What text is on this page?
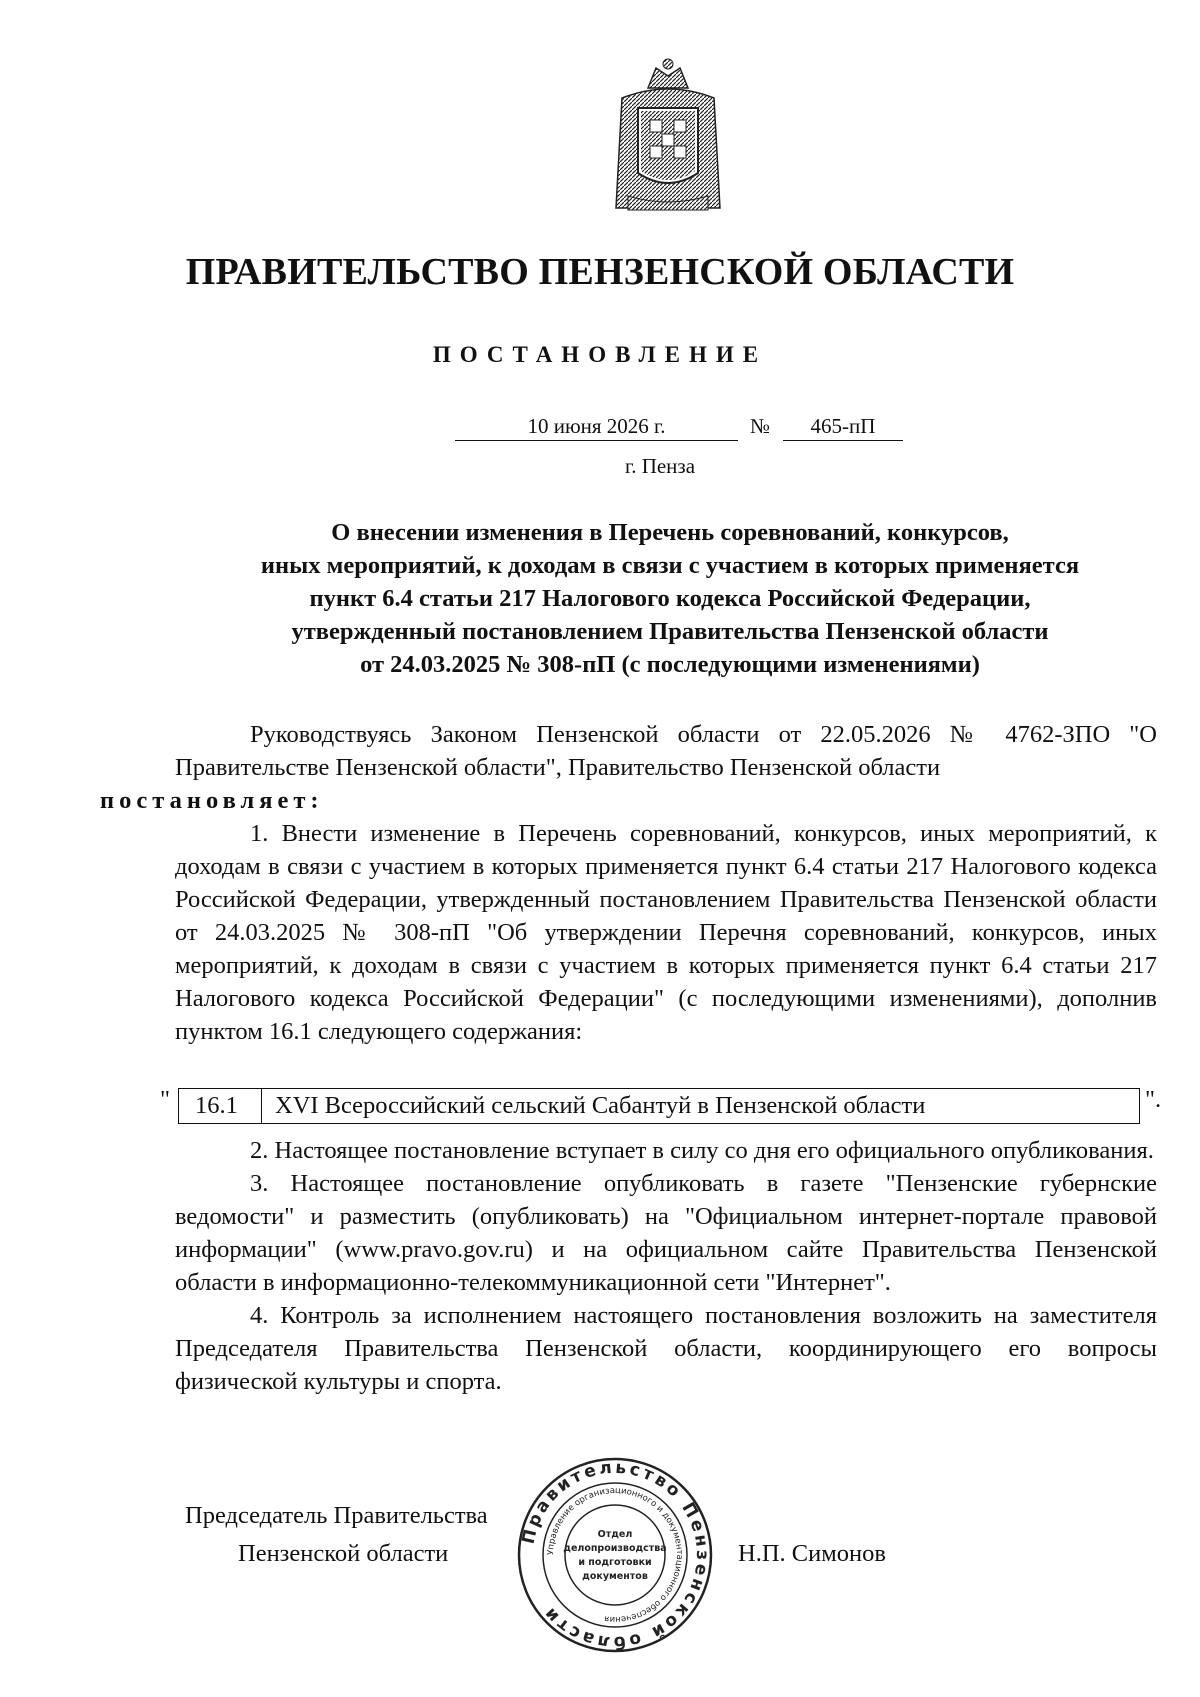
ПРАВИТЕЛЬСТВО ПЕНЗЕНСКОЙ ОБЛАСТИ
ПОСТАНОВЛЕНИЕ
10 июня 2026 г.	№	465-пП
г. Пенза
О внесении изменения в Перечень соревнований, конкурсов,
иных мероприятий, к доходам в связи с участием в которых применяется
пункт 6.4 статьи 217 Налогового кодекса Российской Федерации,
утвержденный постановлением Правительства Пензенской области
от 24.03.2025 № 308-пП (с последующими изменениями)

Руководствуясь Законом Пензенской области от 22.05.2026 № 4762-ЗПО "О Правительстве Пензенской области", Правительство Пензенской области
постановляет:

1. Внести изменение в Перечень соревнований, конкурсов, иных мероприятий, к доходам в связи с участием в которых применяется пункт 6.4 статьи 217 Налогового кодекса Российской Федерации, утвержденный постановлением Правительства Пензенской области от 24.03.2025 № 308-пП "Об утверждении Перечня соревнований, конкурсов, иных мероприятий, к доходам в связи с участием в которых применяется пункт 6.4 статьи 217 Налогового кодекса Российской Федерации" (с последующими изменениями), дополнив пунктом 16.1 следующего содержания:

"	16.1	XVI Всероссийский сельский Сабантуй в Пензенской области	".

2. Настоящее постановление вступает в силу со дня его официального опубликования.

3. Настоящее постановление опубликовать в газете "Пензенские губернские ведомости" и разместить (опубликовать) на "Официальном интернет-портале правовой информации" (www.pravo.gov.ru) и на официальном сайте Правительства Пензенской области в информационно-телекоммуникационной сети "Интернет".

4. Контроль за исполнением настоящего постановления возложить на заместителя Председателя Правительства Пензенской области, координирующего его вопросы физической культуры и спорта.

Председатель Правительства
Пензенской области	Н.П. Симонов
Правительство Пензенской области
Управление организационного и документационного обеспечения
Отдел
делопроизводства
и подготовки
документов
